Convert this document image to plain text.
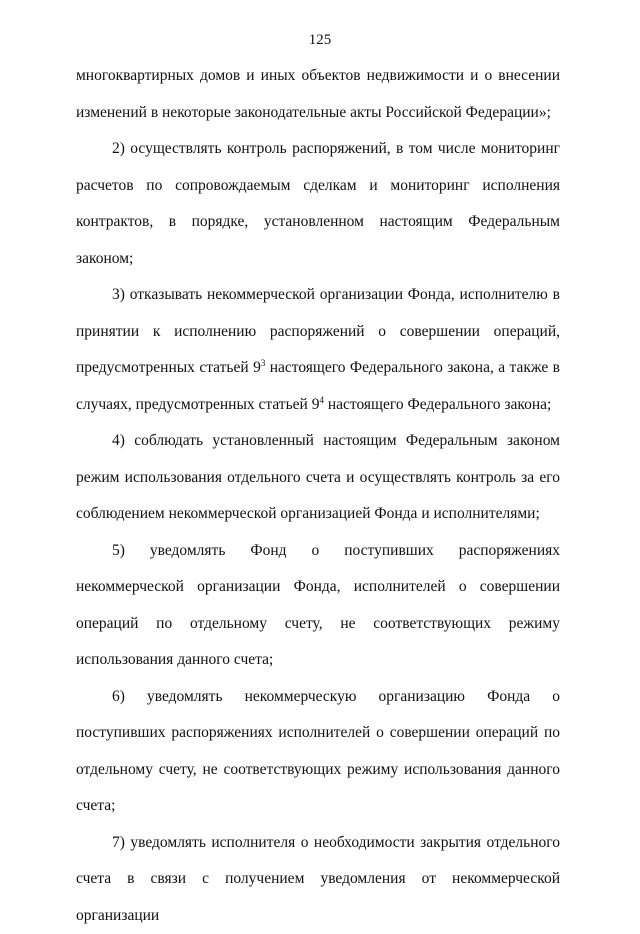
125

многоквартирных домов и иных объектов недвижимости и о внесении изменений в некоторые законодательные акты Российской Федерации»;

2) осуществлять контроль распоряжений, в том числе мониторинг расчетов по сопровождаемым сделкам и мониторинг исполнения контрактов, в порядке, установленном настоящим Федеральным законом;

3) отказывать некоммерческой организации Фонда, исполнителю в принятии к исполнению распоряжений о совершении операций, предусмотренных статьей $9^3$ настоящего Федерального закона, а также в случаях, предусмотренных статьей $9^4$ настоящего Федерального закона;

4) соблюдать установленный настоящим Федеральным законом режим использования отдельного счета и осуществлять контроль за его соблюдением некоммерческой организацией Фонда и исполнителями;

5) уведомлять Фонд о поступивших распоряжениях некоммерческой организации Фонда, исполнителей о совершении операций по отдельному счету, не соответствующих режиму использования данного счета;

6) уведомлять некоммерческую организацию Фонда о поступивших распоряжениях исполнителей о совершении операций по отдельному счету, не соответствующих режиму использования данного счета;

7) уведомлять исполнителя о необходимости закрытия отдельного счета в связи с получением уведомления от некоммерческой организации
